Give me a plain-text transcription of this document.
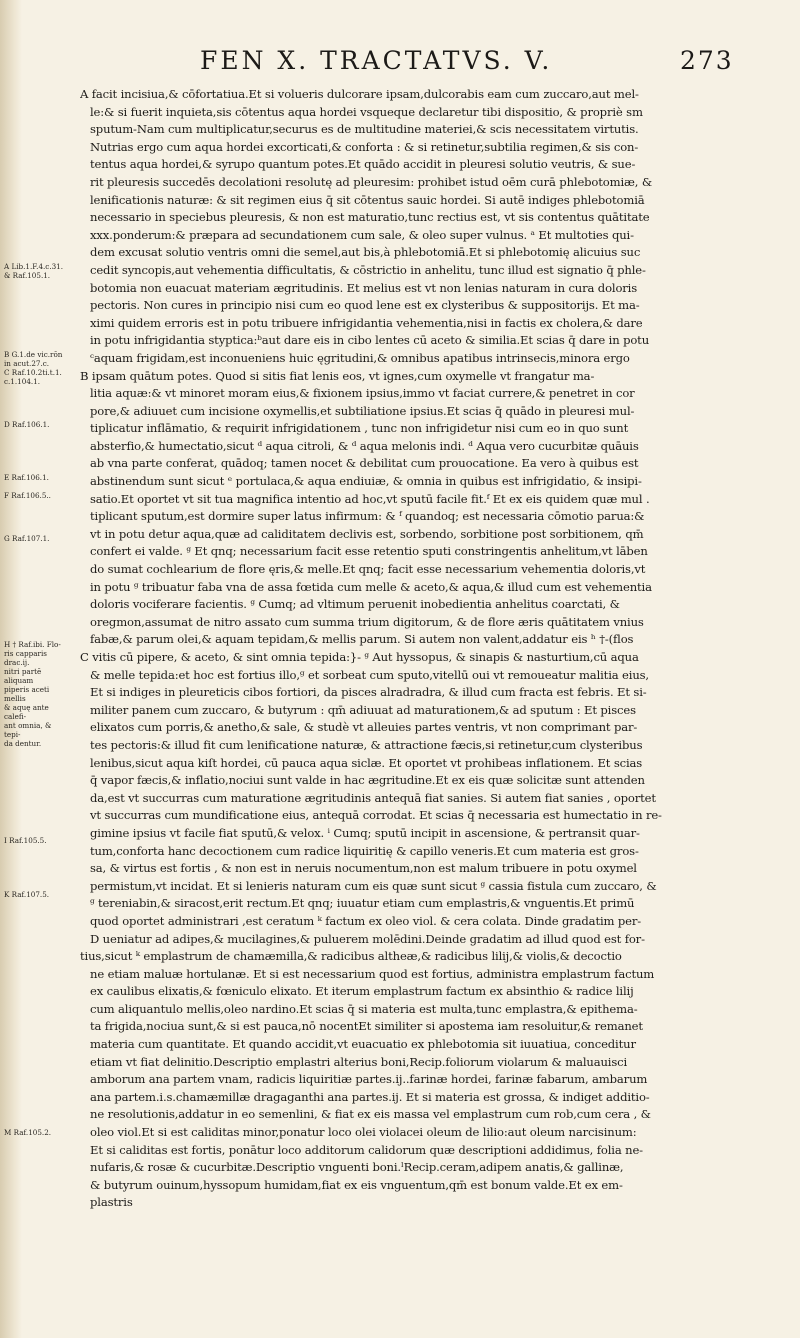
FEN X. TRACTATVS. V.	273
A Lib.1.F.4.c.31.
& Raf.105.1.
B G.1.de vic.rōn
in acut.27.c.
C Raf.10.2ti.t.1.
c.1.104.1.
D Raf.106.1.
E Raf.106.1.
F Raf.106.5..
G Raf.107.1.
H † Raf.ibi. Flo-
ris capparis drac.ij.
nitri partē aliquam
piperis aceti mellis
& aquę ante calefi-
ant omnia, & tepi-
da dentur.
I Raf.105.5.
K Raf.107.5.
M Raf.105.2.
A facit incisiua,& cōfortatiua.Et si volueris dulcorare ipsam,dulcorabis eam cum zuccaro,aut mel-
le:& si fuerit inquieta,sis cōtentus aqua hordei vsqueque declaretur tibi dispositio, & propriè sm
sputum-Nam cum multiplicatur,securus es de multitudine materiei,& scis necessitatem virtutis.
Nutrias ergo cum aqua hordei excorticati,& conforta : & si retinetur,subtilia regimen,& sis con-
tentus aqua hordei,& syrupo quantum potes.Et quādo accidit in pleuresi solutio veutris, & sue-
rit pleuresis succedēs decolationi resolutę ad pleuresim: prohibet istud oēm curā phlebotomiæ, &
lenificationis naturæ: & sit regimen eius q̄ sit cōtentus sauic hordei. Si autē indiges phlebotomiā
necessario in speciebus pleuresis, & non est maturatio,tunc rectius est, vt sis contentus quātitate
xxx.ponderum:& præpara ad secundationem cum sale, & oleo super vulnus. ᵃ Et multoties qui-
dem excusat solutio ventris omni die semel,aut bis,à phlebotomiā.Et si phlebotomię alicuius suc
cedit syncopis,aut vehementia difficultatis, & cōstrictio in anhelitu, tunc illud est signatio q̄ phle-
botomia non euacuat materiam ægritudinis. Et melius est vt non lenias naturam in cura doloris
pectoris. Non cures in principio nisi cum eo quod lene est ex clysteribus & suppositorijs. Et ma-
ximi quidem erroris est in potu tribuere infrigidantia vehementia,nisi in factis ex cholera,& dare
in potu infrigidantia styptica:ᵇaut dare eis in cibo lentes cū aceto & similia.Et scias q̄ dare in potu
ᶜaquam frigidam,est inconueniens huic ęgritudini,& omnibus apatibus intrinsecis,minora ergo
B ipsam quātum potes. Quod si sitis fiat lenis eos, vt ignes,cum oxymelle vt frangatur ma-
litia aquæ:& vt minoret moram eius,& fixionem ipsius,immo vt faciat currere,& penetret in cor
pore,& adiuuet cum incisione oxymellis,et subtiliatione ipsius.Et scias q̄ quādo in pleuresi mul-
tiplicatur inflāmatio, & requirit infrigidationem , tunc non infrigidetur nisi cum eo in quo sunt
absterfio,& humectatio,sicut ᵈ aqua citroli, & ᵈ aqua melonis indi. ᵈ Aqua vero cucurbitæ quāuis
ab vna parte conferat, quādoq; tamen nocet & debilitat cum prouocatione. Ea vero à quibus est
abstinendum sunt sicut ᵉ portulaca,& aqua endiuiæ, & omnia in quibus est infrigidatio, & insipi-
satio.Et oportet vt sit tua magnifica intentio ad hoc,vt sputū facile fit.ᶠ Et ex eis quidem quæ mul .
tiplicant sputum,est dormire super latus infirmum: & ᶠ quandoq; est necessaria cōmotio parua:&
vt in potu detur aqua,quæ ad caliditatem declivis est, sorbendo, sorbitione post sorbitionem, qm̄
confert ei valde. ᵍ Et qnq; necessarium facit esse retentio sputi constringentis anhelitum,vt lāben
do sumat cochlearium de flore ęris,& melle.Et qnq; facit esse necessarium vehementia doloris,vt
in potu ᵍ tribuatur faba vna de assa fœtida cum melle & aceto,& aqua,& illud cum est vehementia
doloris vociferare facientis. ᵍ Cumq; ad vltimum peruenit inobedientia anhelitus coarctati, &
oregmon,assumat de nitro assato cum summa trium digitorum, & de flore æris quātitatem vnius
fabæ,& parum olei,& aquam tepidam,& mellis parum. Si autem non valent,addatur eis ʰ †-(flos
C vitis cū pipere, & aceto, & sint omnia tepida:}- ᵍ Aut hyssopus, & sinapis & nasturtium,cū aqua
& melle tepida:et hoc est fortius illo,ᵍ et sorbeat cum sputo,vitellū oui vt remoueatur malitia eius,
Et si indiges in pleureticis cibos fortiori, da pisces alradradra, & illud cum fracta est febris. Et si-
militer panem cum zuccaro, & butyrum : qm̄ adiuuat ad maturationem,& ad sputum : Et pisces
elixatos cum porris,& anetho,& sale, & studè vt alleuies partes ventris, vt non comprimant par-
tes pectoris:& illud fit cum lenificatione naturæ, & attractione fæcis,si retinetur,cum clysteribus
lenibus,sicut aqua kiſt hordei, cū pauca aqua siclæ. Et oportet vt prohibeas inflationem. Et scias
q̄ vapor fæcis,& inflatio,nociui sunt valde in hac ægritudine.Et ex eis quæ solicitæ sunt attenden
da,est vt succurras cum maturatione ægritudinis antequā fiat sanies. Si autem fiat sanies , oportet
vt succurras cum mundificatione eius, antequā corrodat. Et scias q̄ necessaria est humectatio in re-
gimine ipsius vt facile fiat sputū,& velox. ⁱ Cumq; sputū incipit in ascensione, & pertransit quar-
tum,conforta hanc decoctionem cum radice liquiritię & capillo veneris.Et cum materia est gros-
sa, & virtus est fortis , & non est in neruis nocumentum,non est malum tribuere in potu oxymel
permistum,vt incidat. Et si lenieris naturam cum eis quæ sunt sicut ᵍ cassia fistula cum zuccaro, &
ᵍ tereniabin,& siracost,erit rectum.Et qnq; iuuatur etiam cum emplastris,& vnguentis.Et primū
quod oportet administrari ,est ceratum ᵏ factum ex oleo viol. & cera colata. Dinde gradatim per-
D ueniatur ad adipes,& mucilagines,& puluerem molēdini.Deinde gradatim ad illud quod est for-
tius,sicut ᵏ emplastrum de chamæmilla,& radicibus altheæ,& radicibus lilij,& violis,& decoctio
ne etiam maluæ hortulanæ. Et si est necessarium quod est fortius, administra emplastrum factum
ex caulibus elixatis,& fœniculo elixato. Et iterum emplastrum factum ex absinthio & radice lilij
cum aliquantulo mellis,oleo nardino.Et scias q̄ si materia est multa,tunc emplastra,& epithema-
ta frigida,nociua sunt,& si est pauca,nō nocentEt similiter si apostema iam resoluitur,& remanet
materia cum quantitate. Et quando accidit,vt euacuatio ex phlebotomia sit iuuatiua, conceditur
etiam vt fiat delinitio.Descriptio emplastri alterius boni,Recip.foliorum violarum & maluauisci
amborum ana partem vnam, radicis liquiritiæ partes.ij..farinæ hordei, farinæ fabarum, ambarum
ana partem.i.s.chamæmillæ dragaganthi ana partes.ij. Et si materia est grossa, & indiget additio-
ne resolutionis,addatur in eo semenlini, & fiat ex eis massa vel emplastrum cum rob,cum cera , &
oleo viol.Et si est caliditas minor,ponatur loco olei violacei oleum de lilio:aut oleum narcisinum:
Et si caliditas est fortis, ponātur loco additorum calidorum quæ descriptioni addidimus, folia ne-
nufaris,& rosæ & cucurbitæ.Descriptio vnguenti boni.ˡRecip.ceram,adipem anatis,& gallinæ,
& butyrum ouinum,hyssopum humidam,fiat ex eis vnguentum,qm̄ est bonum valde.Et ex em-
plastris
